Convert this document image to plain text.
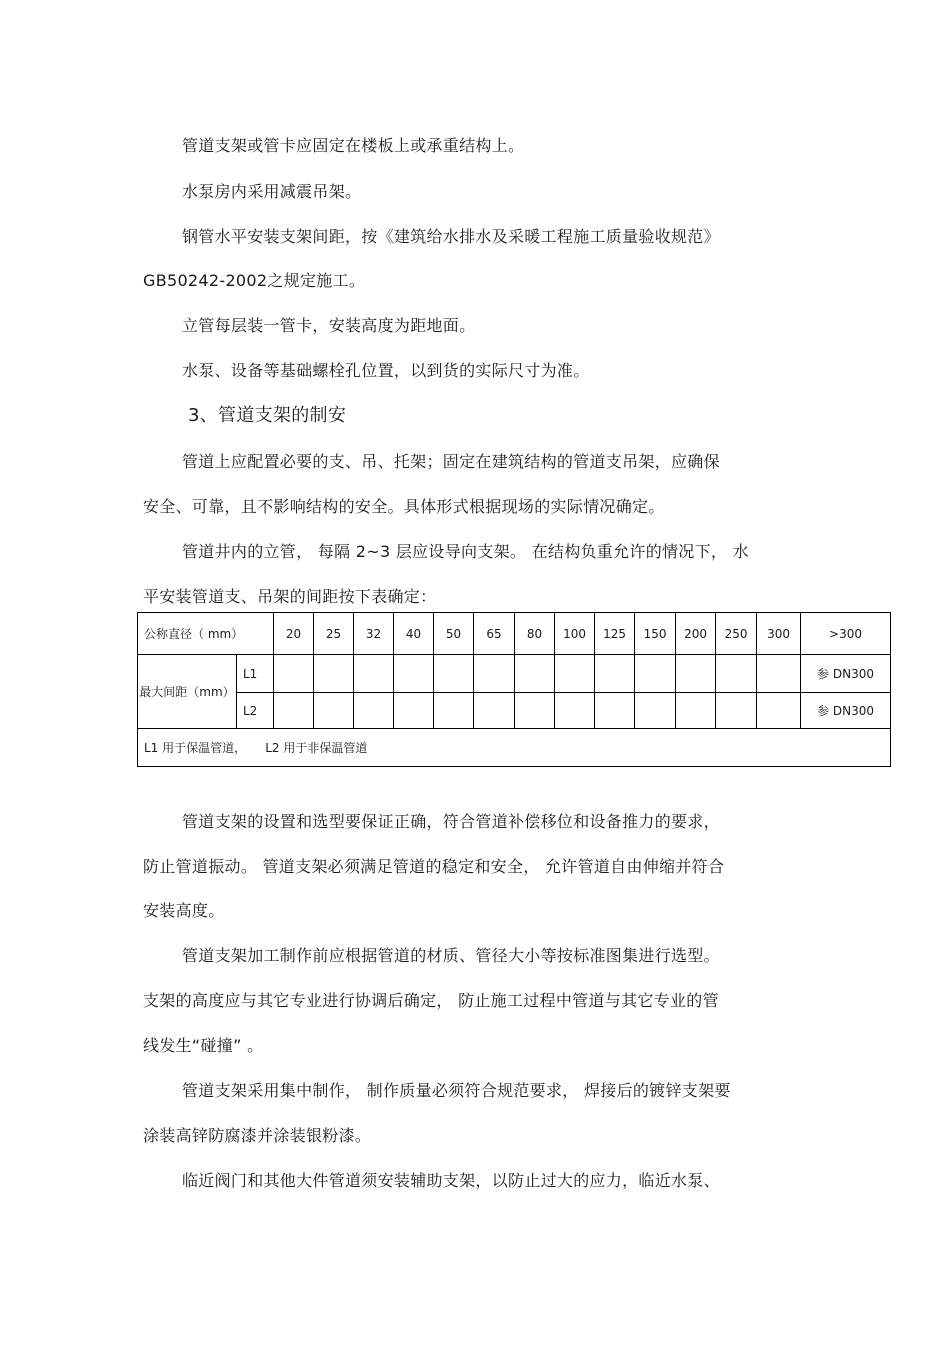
管道支架或管卡应固定在楼板上或承重结构上。
水泵房内采用减震吊架。
钢管水平安装支架间距，按《建筑给水排水及采暖工程施工质量验收规范》
GB50242-2002之规定施工。
立管每层装一管卡，安装高度为距地面。
水泵、设备等基础螺栓孔位置，以到货的实际尺寸为准。
3、管道支架的制安
管道上应配置必要的支、吊、托架；固定在建筑结构的管道支吊架，应确保
安全、可靠，且不影响结构的安全。具体形式根据现场的实际情况确定。
管道井内的立管， 每隔 2~3 层应设导向支架。 在结构负重允许的情况下， 水
平安装管道支、吊架的间距按下表确定：
公称直径（ mm）		20	25	32	40	50	65	80	100	125	150	200	250	300	>300
最大间距（mm）	L1														参 DN300
	L2														参 DN300
L1 用于保温管道，     L2 用于非保温管道															
管道支架的设置和选型要保证正确，符合管道补偿移位和设备推力的要求，
防止管道振动。 管道支架必须满足管道的稳定和安全， 允许管道自由伸缩并符合
安装高度。
管道支架加工制作前应根据管道的材质、管径大小等按标准图集进行选型。
支架的高度应与其它专业进行协调后确定， 防止施工过程中管道与其它专业的管
线发生“碰撞” 。
管道支架采用集中制作， 制作质量必须符合规范要求， 焊接后的镀锌支架要
涂装高锌防腐漆并涂装银粉漆。
临近阀门和其他大件管道须安装辅助支架，以防止过大的应力，临近水泵、
